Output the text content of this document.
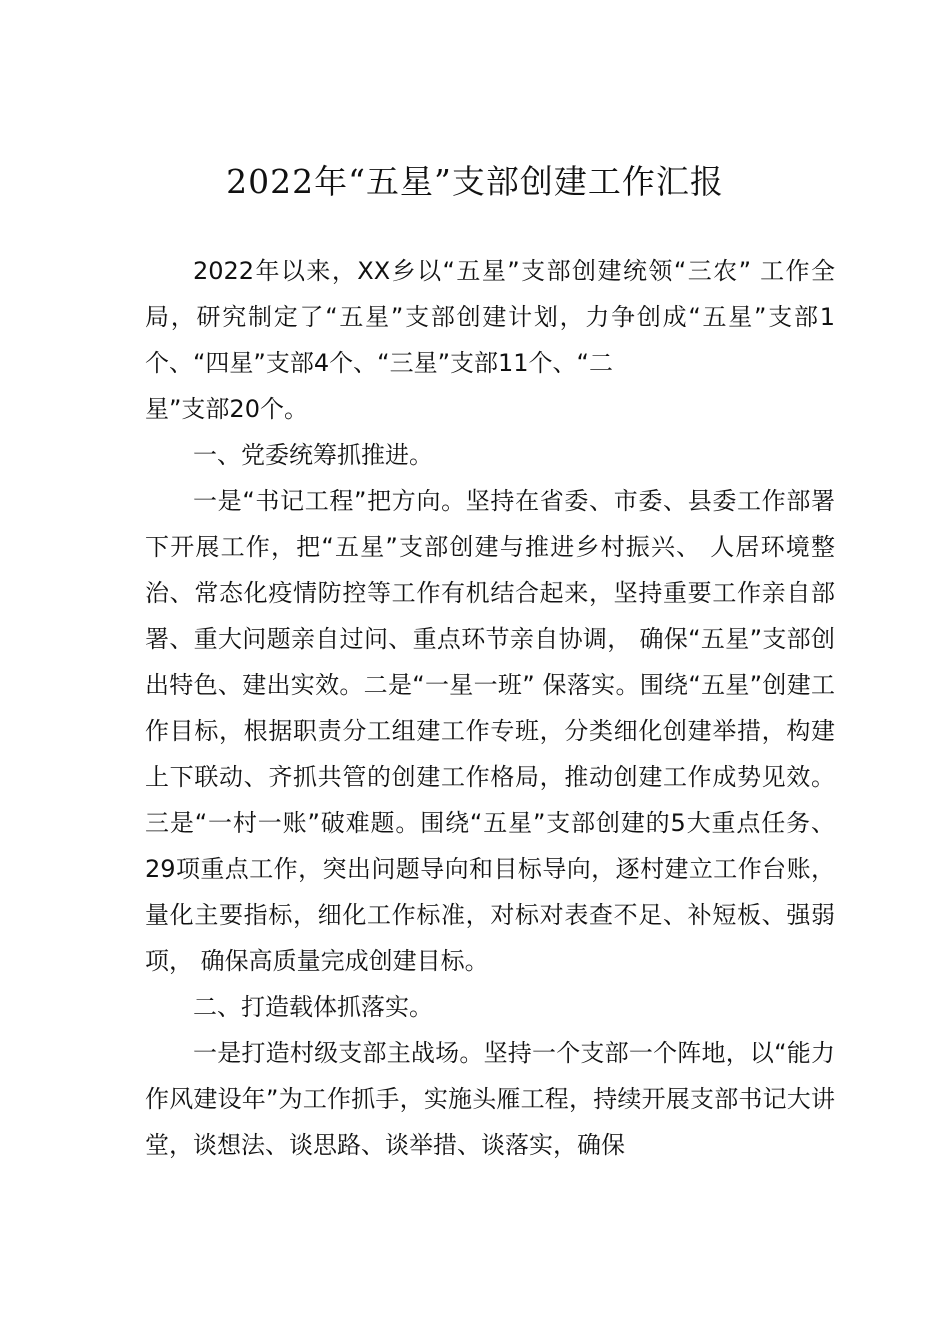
2022年“五星”支部创建工作汇报

2022年以来，XX乡以“五星”支部创建统领“三农” 工作全局，研究制定了“五星”支部创建计划，力争创成“五星”支部1个、“四星”支部4个、“三星”支部11个、“二

星”支部20个。

一、党委统筹抓推进。

一是“书记工程”把方向。坚持在省委、市委、县委工作部署下开展工作，把“五星”支部创建与推进乡村振兴、 人居环境整治、常态化疫情防控等工作有机结合起来，坚持重要工作亲自部署、重大问题亲自过问、重点环节亲自协调， 确保“五星”支部创出特色、建出实效。二是“一星一班” 保落实。围绕“五星”创建工作目标，根据职责分工组建工作专班，分类细化创建举措，构建上下联动、齐抓共管的创建工作格局，推动创建工作成势见效。三是“一村一账”破难题。围绕“五星”支部创建的5大重点任务、29项重点工作，突出问题导向和目标导向，逐村建立工作台账，量化主要指标，细化工作标准，对标对表查不足、补短板、强弱项， 确保高质量完成创建目标。

二、打造载体抓落实。

一是打造村级支部主战场。坚持一个支部一个阵地，以“能力作风建设年”为工作抓手，实施头雁工程，持续开展支部书记大讲堂，谈想法、谈思路、谈举措、谈落实，确保
